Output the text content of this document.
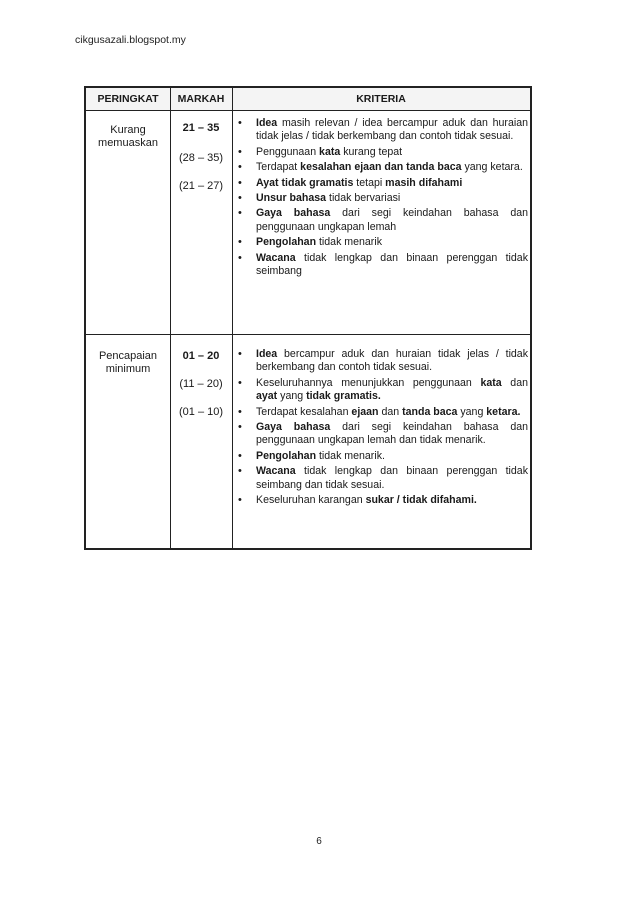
cikgusazali.blogspot.my
PERINGKAT	MARKAH	KRITERIA
Kurang
memuaskan
21 – 35
(28 – 35)
(21 – 27)
• Idea masih relevan / idea bercampur aduk dan huraian tidak jelas / tidak berkembang dan contoh tidak sesuai.
• Penggunaan kata kurang tepat
• Terdapat kesalahan ejaan dan tanda baca yang ketara.
• Ayat tidak gramatis tetapi masih difahami
• Unsur bahasa tidak bervariasi
• Gaya bahasa dari segi keindahan bahasa dan penggunaan ungkapan lemah
• Pengolahan tidak menarik
• Wacana tidak lengkap dan binaan perenggan tidak seimbang
Pencapaian
minimum
01 – 20
(11 – 20)
(01 – 10)
• Idea bercampur aduk dan huraian tidak jelas / tidak berkembang dan contoh tidak sesuai.
• Keseluruhannya menunjukkan penggunaan kata dan ayat yang tidak gramatis.
• Terdapat kesalahan ejaan dan tanda baca yang ketara.
• Gaya bahasa dari segi keindahan bahasa dan penggunaan ungkapan lemah dan tidak menarik.
• Pengolahan tidak menarik.
• Wacana tidak lengkap dan binaan perenggan tidak seimbang dan tidak sesuai.
• Keseluruhan karangan sukar / tidak difahami.
6
